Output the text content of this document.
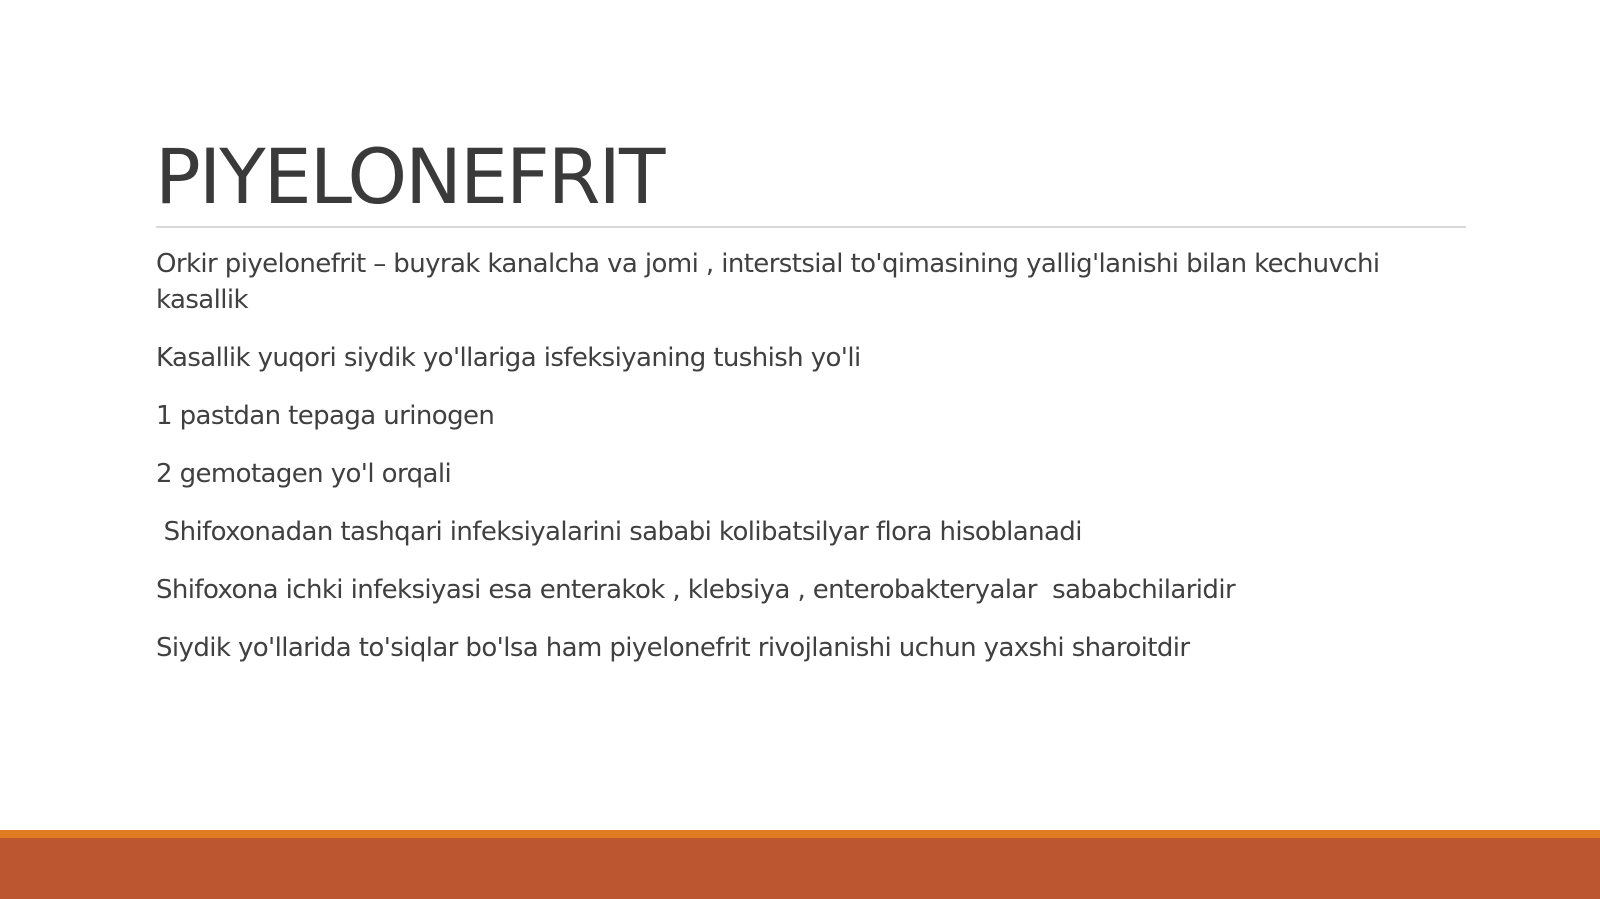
PIYELONEFRIT
Orkir piyelonefrit – buyrak kanalcha va jomi , interstsial to'qimasining yallig'lanishi bilan kechuvchi kasallik
Kasallik yuqori siydik yo'llariga isfeksiyaning tushish yo'li
1 pastdan tepaga urinogen
2 gemotagen yo'l orqali
Shifoxonadan tashqari infeksiyalarini sababi kolibatsilyar flora hisoblanadi
Shifoxona ichki infeksiyasi esa enterakok , klebsiya , enterobakteryalar  sababchilaridir
Siydik yo'llarida to'siqlar bo'lsa ham piyelonefrit rivojlanishi uchun yaxshi sharoitdir
